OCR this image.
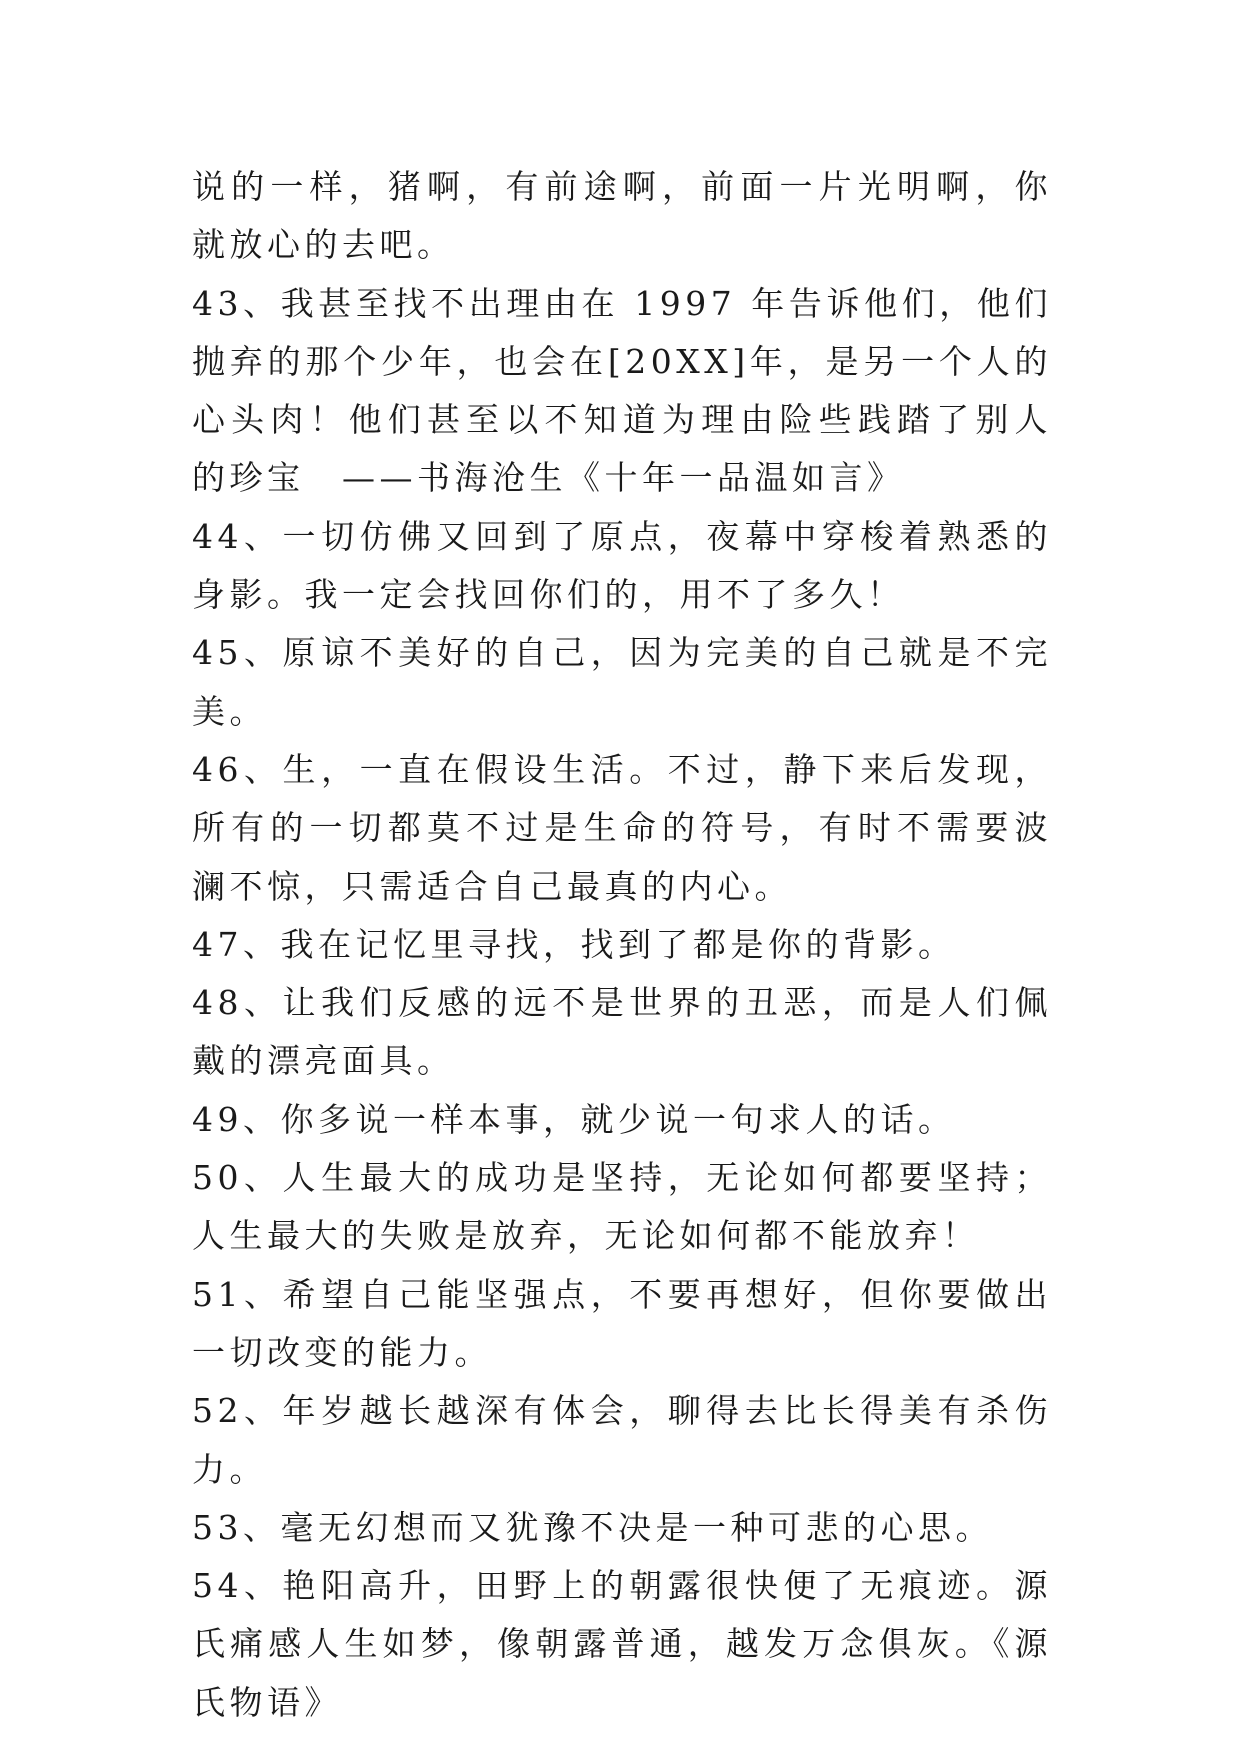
说的一样，猪啊，有前途啊，前面一片光明啊，你就放心的去吧。

43、我甚至找不出理由在 1997 年告诉他们，他们抛弃的那个少年，也会在[20XX]年，是另一个人的心头肉！他们甚至以不知道为理由险些践踏了别人的珍宝　——书海沧生《十年一品温如言》

44、一切仿佛又回到了原点，夜幕中穿梭着熟悉的身影。我一定会找回你们的，用不了多久！

45、原谅不美好的自己，因为完美的自己就是不完美。

46、生，一直在假设生活。不过，静下来后发现，所有的一切都莫不过是生命的符号，有时不需要波澜不惊，只需适合自己最真的内心。

47、我在记忆里寻找，找到了都是你的背影。

48、让我们反感的远不是世界的丑恶，而是人们佩戴的漂亮面具。

49、你多说一样本事，就少说一句求人的话。

50、人生最大的成功是坚持，无论如何都要坚持；人生最大的失败是放弃，无论如何都不能放弃！

51、希望自己能坚强点，不要再想好，但你要做出一切改变的能力。

52、年岁越长越深有体会，聊得去比长得美有杀伤力。

53、毫无幻想而又犹豫不决是一种可悲的心思。

54、艳阳高升，田野上的朝露很快便了无痕迹。源氏痛感人生如梦，像朝露普通，越发万念俱灰。《源氏物语》
